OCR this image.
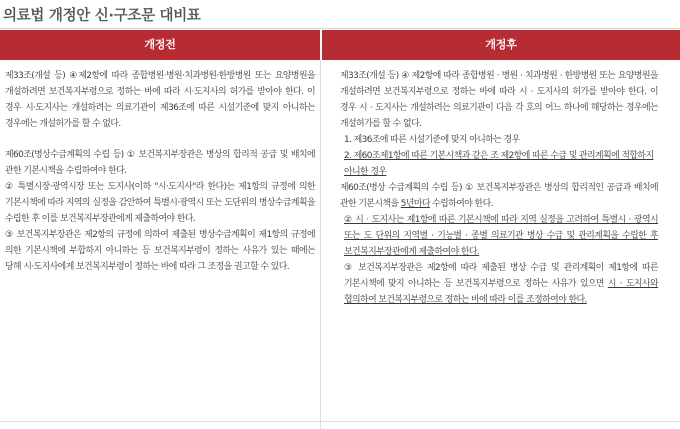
의료법 개정안 신·구조문 대비표
개정전	개정후

제33조(개설 등) ④제2항에 따라 종합병원·병원·치과병원·한방병원 또는 요양병원을 개설하려면 보건복지부령으로 정하는 바에 따라 시·도지사의 허가를 받아야 한다. 이 경우 시·도지사는 개설하려는 의료기관이 제36조에 따른 시설기준에 맞지 아니하는 경우에는 개설허가를 할 수 없다.

제60조(병상수급계획의 수립 등) ① 보건복지부장관은 병상의 합리적 공급 및 배치에 관한 기본시책을 수립하여야 한다.

② 특별시장·광역시장 또는 도지사(이하 "시·도지사"라 한다)는 제1항의 규정에 의한 기본시책에 따라 지역의 실정을 감안하여 특별시·광역시 또는 도단위의 병상수급계획을 수립한 후 이를 보건복지부장관에게 제출하여야 한다.

③ 보건복지부장관은 제2항의 규정에 의하여 제출된 병상수급계획이 제1항의 규정에 의한 기본시책에 부합하지 아니하는 등 보건복지부령이 정하는 사유가 있는 때에는 당해 시·도지사에게 보건복지부령이 정하는 바에 따라 그 조정을 권고할 수 있다.

제33조(개설 등) ④ 제2항에 따라 종합병원 · 병원 · 치과병원 · 한방병원 또는 요양병원을 개설하려면 보건복지부령으로 정하는 바에 따라 시 · 도지사의 허가를 받아야 한다. 이 경우 시 · 도지사는 개설하려는 의료기관이 다음 각 호의 어느 하나에 해당하는 경우에는 개설허가를 할 수 없다.

1. 제36조에 따른 시설기준에 맞지 아니하는 경우

2. 제60조제1항에 따른 기본시책과 같은 조 제2항에 따른 수급 및 관리계획에 적합하지 아니한 경우

제60조(병상 수급계획의 수립 등) ① 보건복지부장관은 병상의 합리적인 공급과 배치에 관한 기본시책을 5년마다 수립하여야 한다.

② 시 · 도지사는 제1항에 따른 기본시책에 따라 지역 실정을 고려하여 특별시 · 광역시 또는 도 단위의 지역별 · 기능별 · 종별 의료기관 병상 수급 및 관리계획을 수립한 후 보건복지부장관에게 제출하여야 한다.

③ 보건복지부장관은 제2항에 따라 제출된 병상 수급 및 관리계획이 제1항에 따른 기본시책에 맞지 아니하는 등 보건복지부령으로 정하는 사유가 있으면 시 · 도지사와 협의하여 보건복지부령으로 정하는 바에 따라 이를 조정하여야 한다.
